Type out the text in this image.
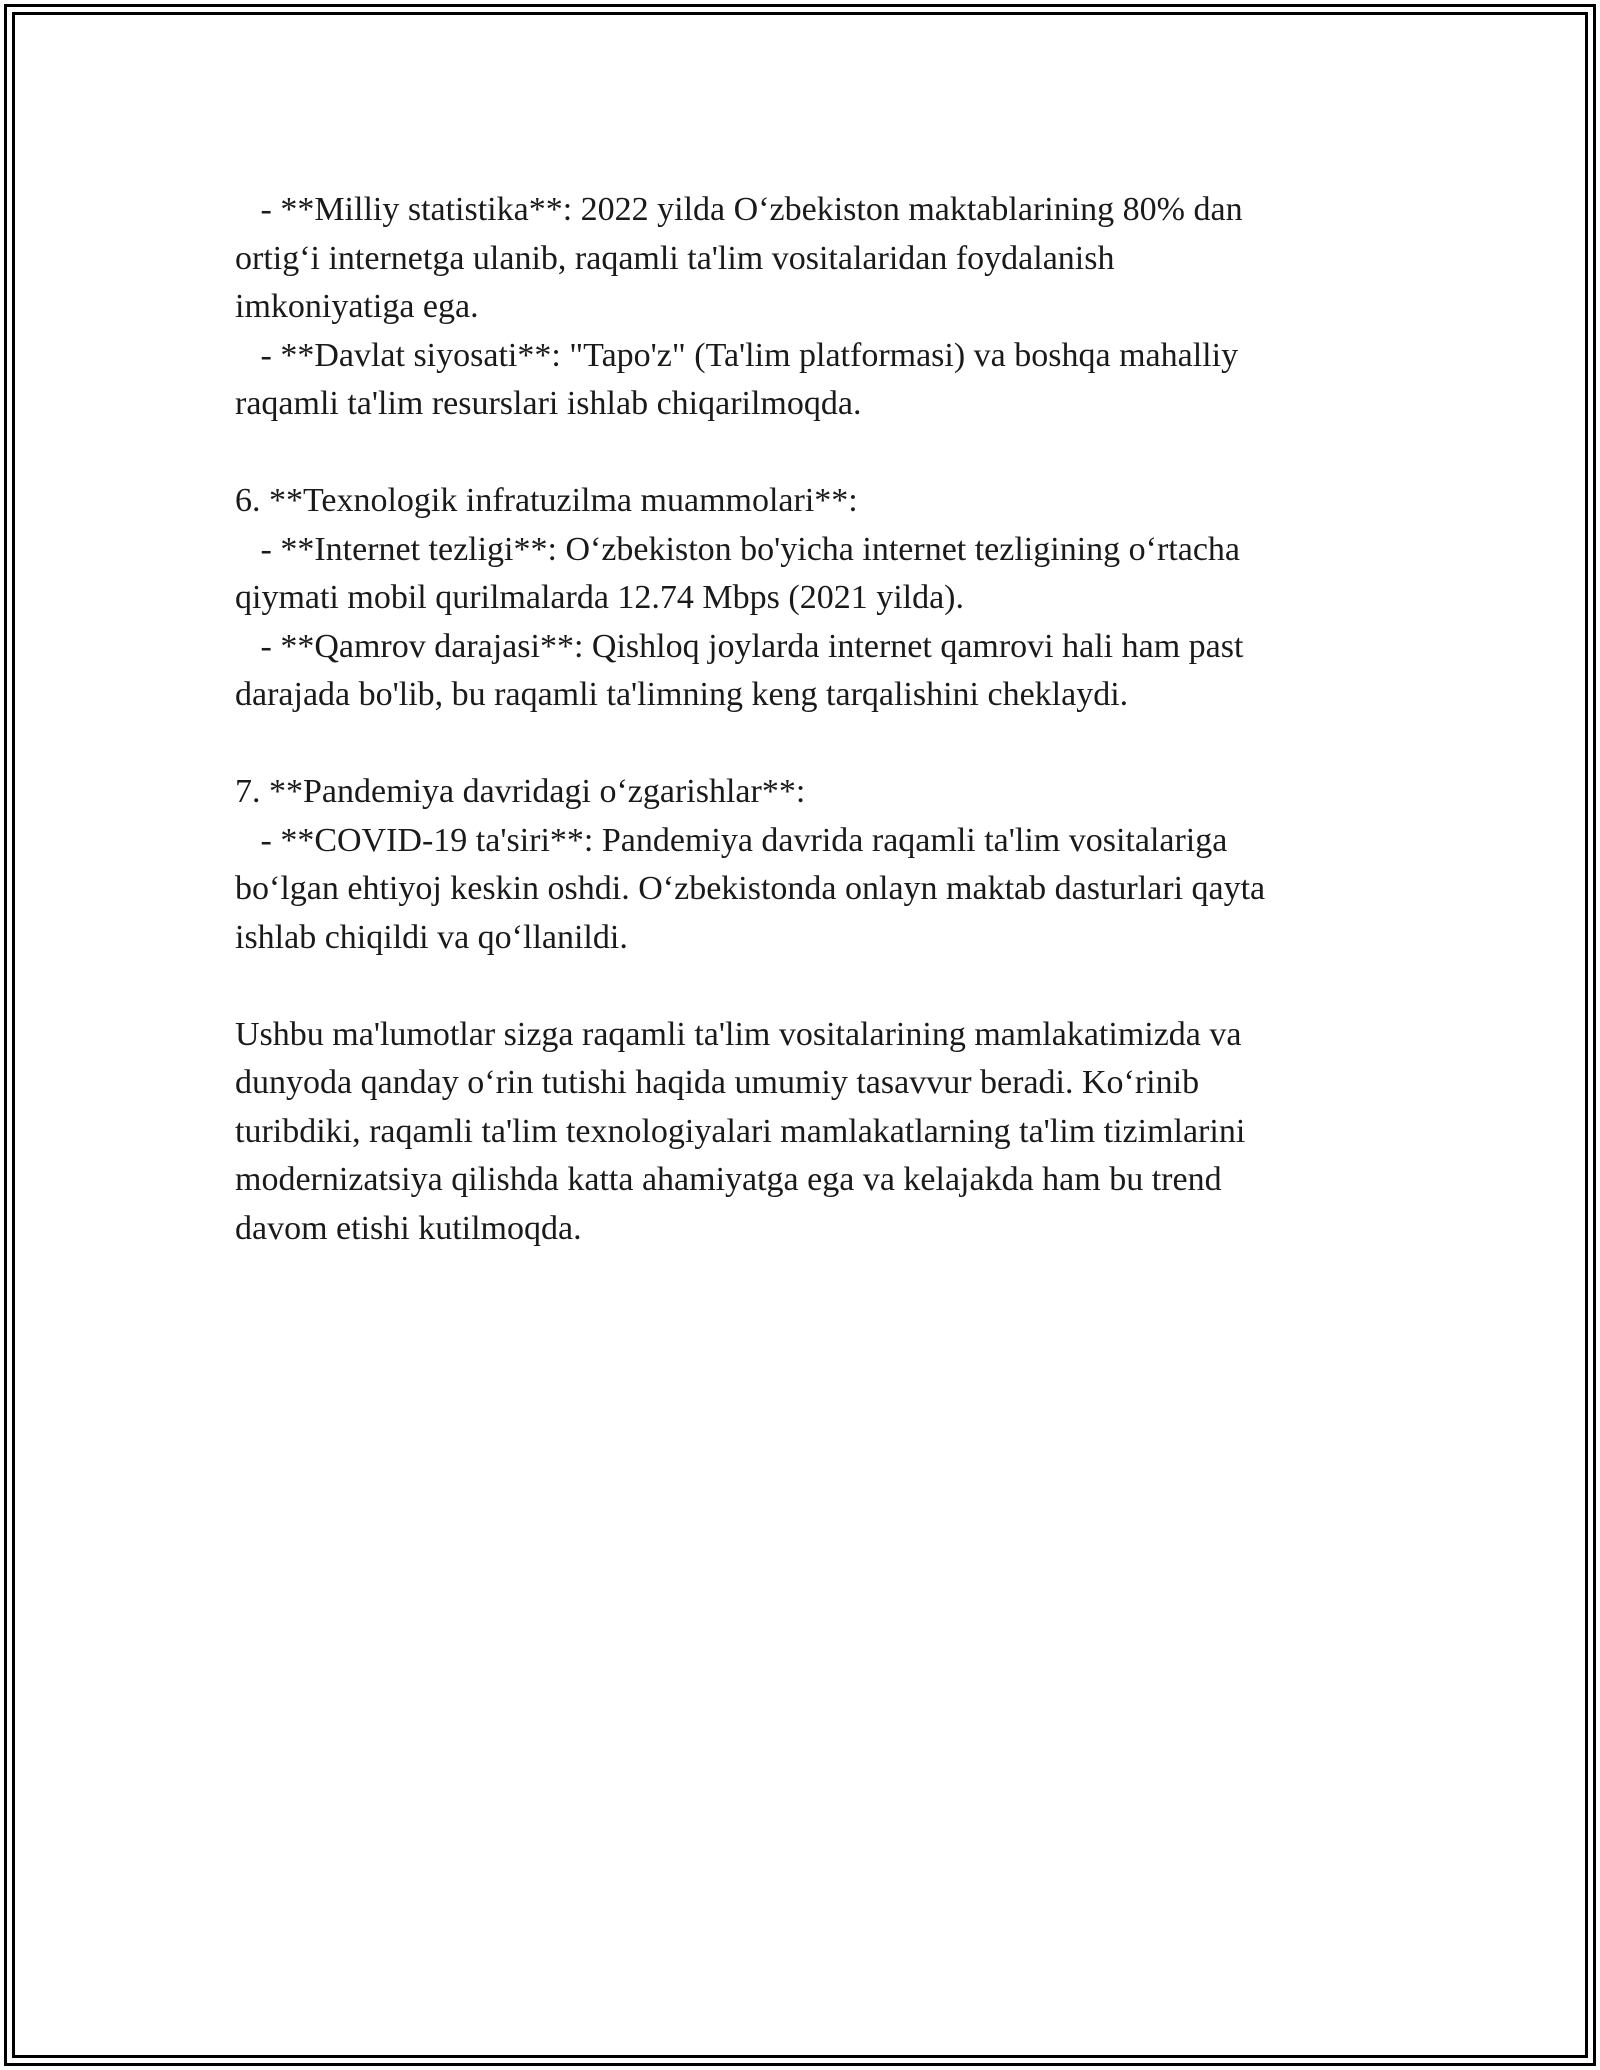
- **Milliy statistika**: 2022 yilda O‘zbekiston maktablarining 80% dan

ortig‘i internetga ulanib, raqamli ta'lim vositalaridan foydalanish

imkoniyatiga ega.

- **Davlat siyosati**: "Tapo'z" (Ta'lim platformasi) va boshqa mahalliy

raqamli ta'lim resurslari ishlab chiqarilmoqda.

6. **Texnologik infratuzilma muammolari**:

- **Internet tezligi**: O‘zbekiston bo'yicha internet tezligining o‘rtacha

qiymati mobil qurilmalarda 12.74 Mbps (2021 yilda).

- **Qamrov darajasi**: Qishloq joylarda internet qamrovi hali ham past

darajada bo'lib, bu raqamli ta'limning keng tarqalishini cheklaydi.

7. **Pandemiya davridagi o‘zgarishlar**:

- **COVID-19 ta'siri**: Pandemiya davrida raqamli ta'lim vositalariga

bo‘lgan ehtiyoj keskin oshdi. O‘zbekistonda onlayn maktab dasturlari qayta

ishlab chiqildi va qo‘llanildi.

Ushbu ma'lumotlar sizga raqamli ta'lim vositalarining mamlakatimizda va

dunyoda qanday o‘rin tutishi haqida umumiy tasavvur beradi. Ko‘rinib

turibdiki, raqamli ta'lim texnologiyalari mamlakatlarning ta'lim tizimlarini

modernizatsiya qilishda katta ahamiyatga ega va kelajakda ham bu trend

davom etishi kutilmoqda.
